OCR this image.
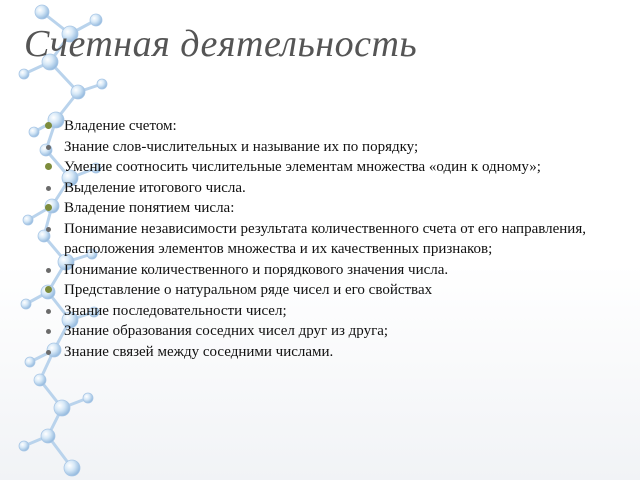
Счетная деятельность
Владение счетом:
Знание слов-числительных и называние их по порядку;
Умение соотносить числительные элементам множества «один к одному»;
Выделение итогового числа.
Владение понятием числа:
Понимание независимости результата количественного счета от его направления, расположения элементов множества и их качественных признаков;
Понимание количественного и порядкового значения числа.
Представление о натуральном ряде чисел и его свойствах
Знание последовательности чисел;
Знание образования соседних чисел друг из друга;
Знание связей между соседними числами.
